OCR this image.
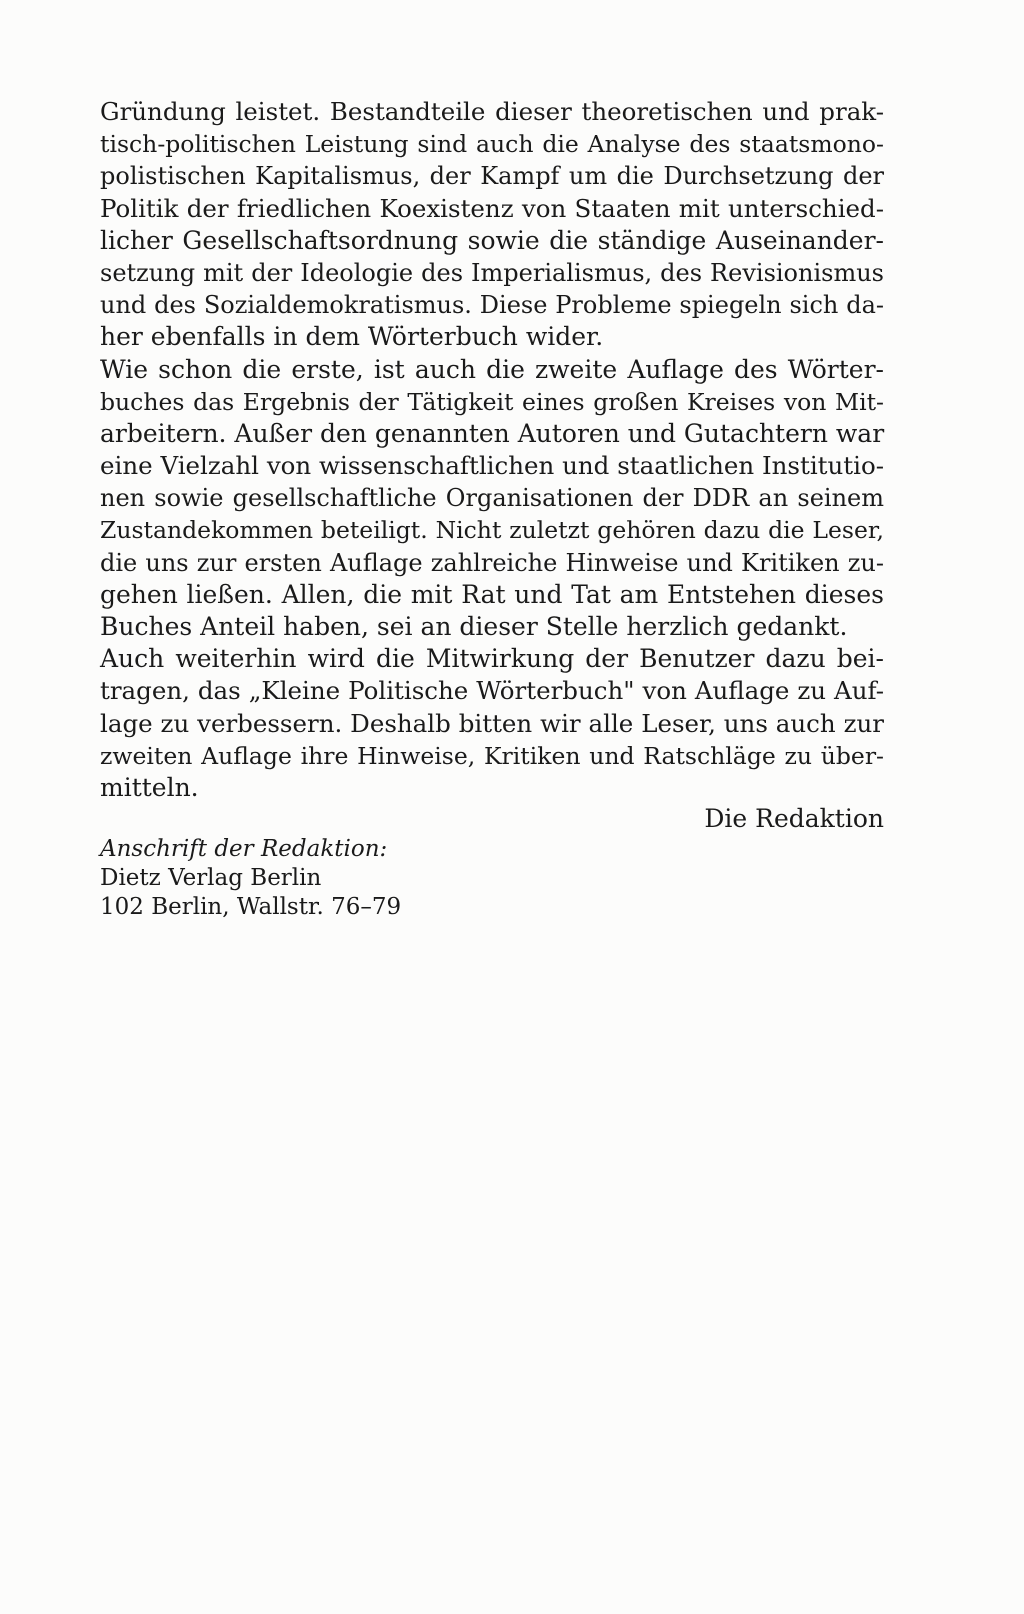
Gründung leistet. Bestandteile dieser theoretischen und prak-
tisch-politischen Leistung sind auch die Analyse des staatsmono-
polistischen Kapitalismus, der Kampf um die Durchsetzung der
Politik der friedlichen Koexistenz von Staaten mit unterschied-
licher Gesellschaftsordnung sowie die ständige Auseinander-
setzung mit der Ideologie des Imperialismus, des Revisionismus
und des Sozialdemokratismus. Diese Probleme spiegeln sich da-
her ebenfalls in dem Wörterbuch wider.
Wie schon die erste, ist auch die zweite Auflage des Wörter-
buches das Ergebnis der Tätigkeit eines großen Kreises von Mit-
arbeitern. Außer den genannten Autoren und Gutachtern war
eine Vielzahl von wissenschaftlichen und staatlichen Institutio-
nen sowie gesellschaftliche Organisationen der DDR an seinem
Zustandekommen beteiligt. Nicht zuletzt gehören dazu die Leser,
die uns zur ersten Auflage zahlreiche Hinweise und Kritiken zu-
gehen ließen. Allen, die mit Rat und Tat am Entstehen dieses
Buches Anteil haben, sei an dieser Stelle herzlich gedankt.
Auch weiterhin wird die Mitwirkung der Benutzer dazu bei-
tragen, das „Kleine Politische Wörterbuch" von Auflage zu Auf-
lage zu verbessern. Deshalb bitten wir alle Leser, uns auch zur
zweiten Auflage ihre Hinweise, Kritiken und Ratschläge zu über-
mitteln.
Die Redaktion
Anschrift der Redaktion:
Dietz Verlag Berlin
102 Berlin, Wallstr. 76–79
